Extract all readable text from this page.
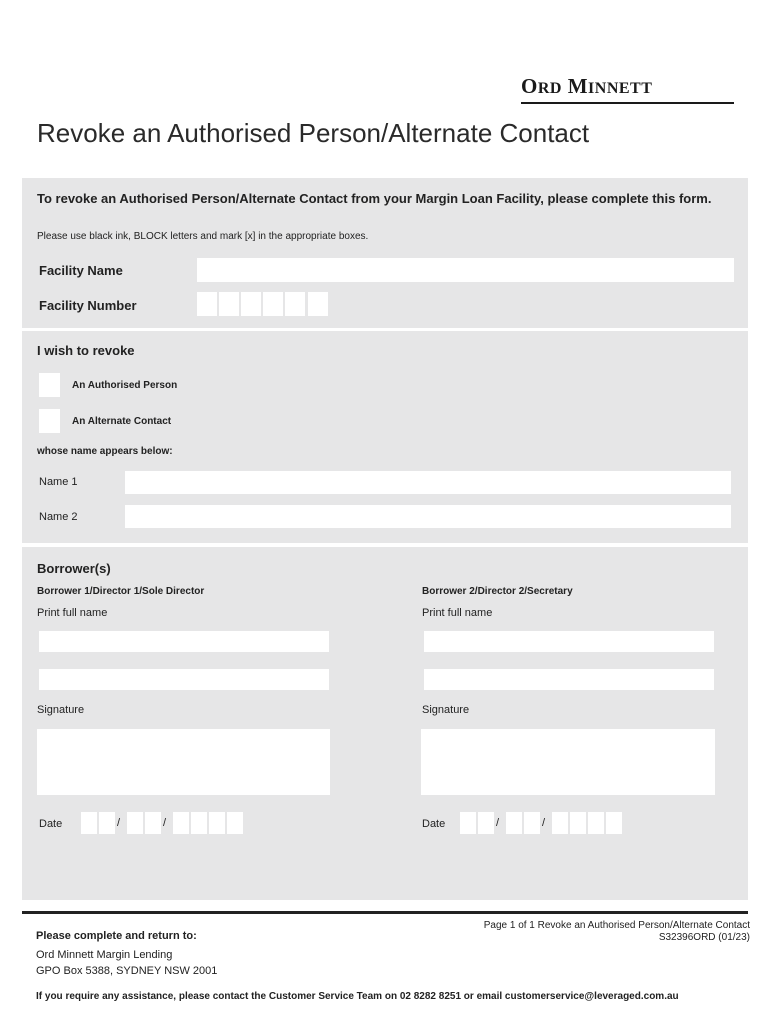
ORD MINNETT
Revoke an Authorised Person/Alternate Contact
To revoke an Authorised Person/Alternate Contact from your Margin Loan Facility, please complete this form.
Please use black ink, BLOCK letters and mark [x] in the appropriate boxes.
Facility Name
Facility Number
I wish to revoke
An Authorised Person
An Alternate Contact
whose name appears below:
Name 1
Name 2
Borrower(s)
Borrower 1/Director 1/Sole Director
Print full name
Signature
Date	/	/
Borrower 2/Director 2/Secretary
Print full name
Signature
Date	/	/
Page 1 of 1 Revoke an Authorised Person/Alternate Contact
S32396ORD (01/23)
Please complete and return to:
Ord Minnett Margin Lending
GPO Box 5388, SYDNEY NSW 2001
If you require any assistance, please contact the Customer Service Team on 02 8282 8251 or email customerservice@leveraged.com.au
